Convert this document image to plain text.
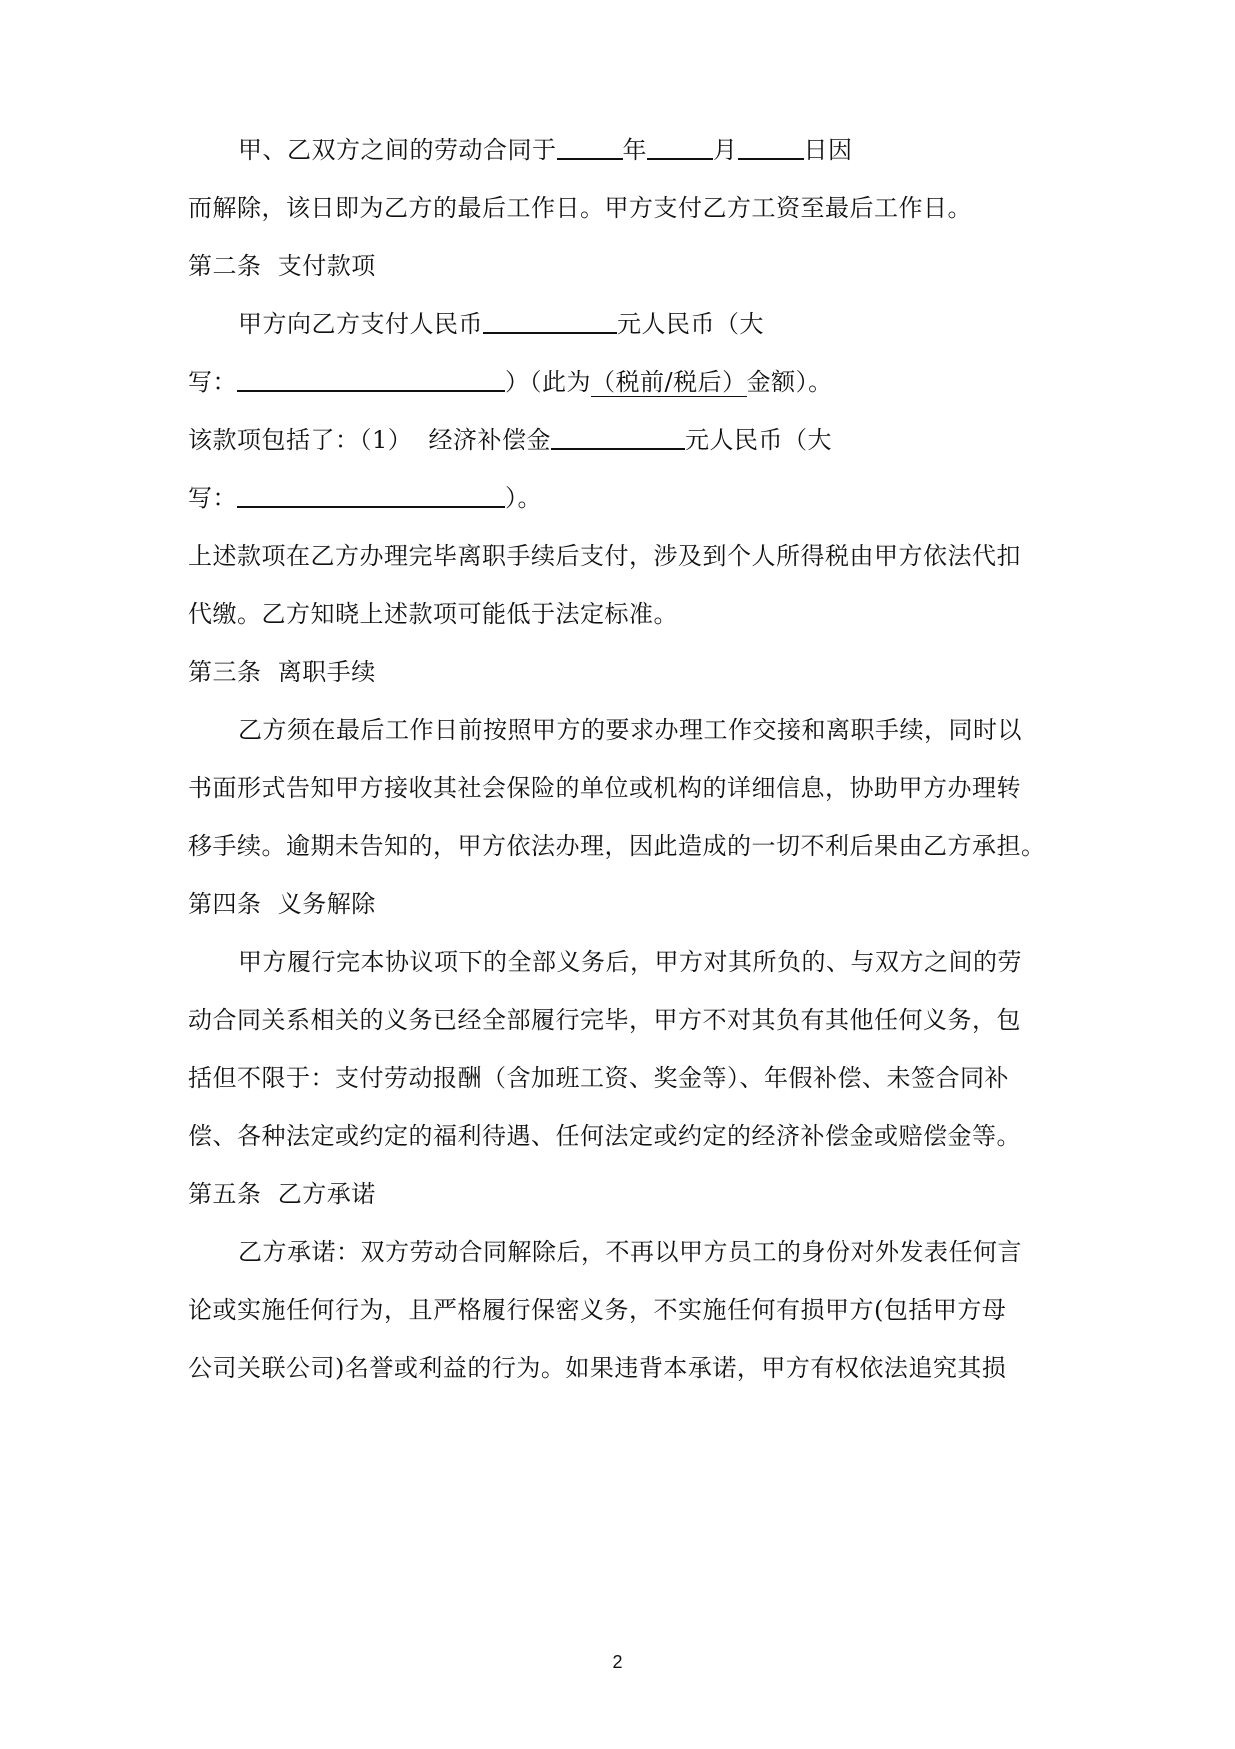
甲、乙双方之间的劳动合同于	年	月	日因
而解除，该日即为乙方的最后工作日。甲方支付乙方工资至最后工作日。
第二条  支付款项
甲方向乙方支付人民币	元人民币（大
写：	）（此为（税前/税后）金额）。
该款项包括了：（1）  经济补偿金	元人民币（大
写：	）。
上述款项在乙方办理完毕离职手续后支付，涉及到个人所得税由甲方依法代扣
代缴。乙方知晓上述款项可能低于法定标准。
第三条  离职手续
乙方须在最后工作日前按照甲方的要求办理工作交接和离职手续，同时以
书面形式告知甲方接收其社会保险的单位或机构的详细信息，协助甲方办理转
移手续。逾期未告知的，甲方依法办理，因此造成的一切不利后果由乙方承担。
第四条  义务解除
甲方履行完本协议项下的全部义务后，甲方对其所负的、与双方之间的劳
动合同关系相关的义务已经全部履行完毕，甲方不对其负有其他任何义务，包
括但不限于：支付劳动报酬（含加班工资、奖金等）、年假补偿、未签合同补
偿、各种法定或约定的福利待遇、任何法定或约定的经济补偿金或赔偿金等。
第五条  乙方承诺
乙方承诺：双方劳动合同解除后，不再以甲方员工的身份对外发表任何言
论或实施任何行为，且严格履行保密义务，不实施任何有损甲方(包括甲方母
公司关联公司)名誉或利益的行为。如果违背本承诺，甲方有权依法追究其损
2
